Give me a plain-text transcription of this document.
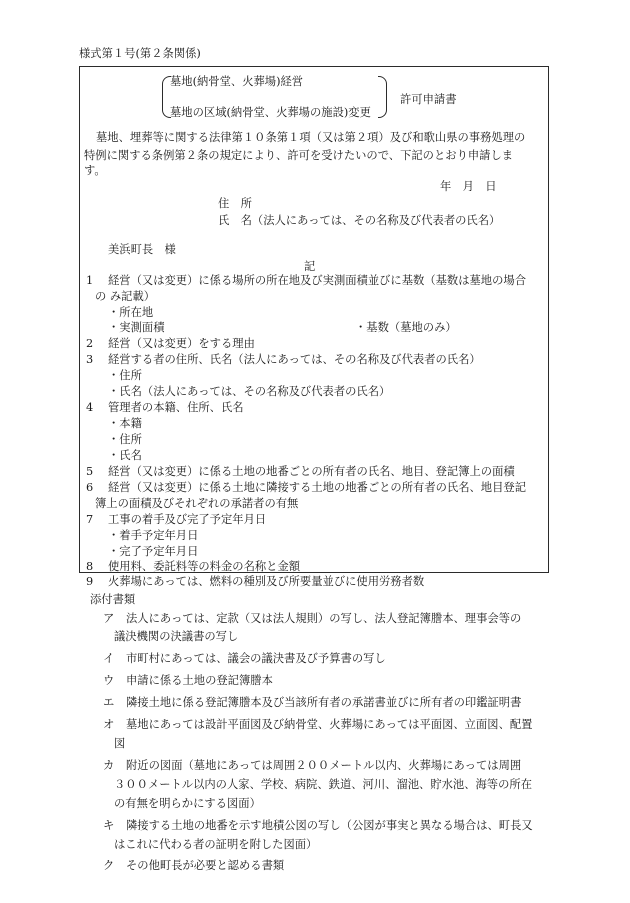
様式第１号(第２条関係)
墓地(納骨堂、火葬場)経営
墓地の区域(納骨堂、火葬場の施設)変更
許可申請書
墓地、埋葬等に関する法律第１０条第１項（又は第２項）及び和歌山県の事務処理の
特例に関する条例第２条の規定により、許可を受けたいので、下記のとおり申請しま
す。
年　月　日
住　所
氏　名（法人にあっては、その名称及び代表者の氏名）
美浜町長　様
記
1 経営（又は変更）に係る場所の所在地及び実測面積並びに基数（基数は墓地の場合
の み記載）
・所在地
・実測面積	・基数（墓地のみ）
2 経営（又は変更）をする理由
3 経営する者の住所、氏名（法人にあっては、その名称及び代表者の氏名）
・住所
・氏名（法人にあっては、その名称及び代表者の氏名）
4 管理者の本籍、住所、氏名
・本籍
・住所
・氏名
5 経営（又は変更）に係る土地の地番ごとの所有者の氏名、地目、登記簿上の面積
6 経営（又は変更）に係る土地に隣接する土地の地番ごとの所有者の氏名、地目登記
簿上の面積及びそれぞれの承諾者の有無
7 工事の着手及び完了予定年月日
・着手予定年月日
・完了予定年月日
8 使用料、委託料等の料金の名称と金額
9 火葬場にあっては、燃料の種別及び所要量並びに使用労務者数
添付書類
ア 法人にあっては、定款（又は法人規則）の写し、法人登記簿謄本、理事会等の
議決機関の決議書の写し
イ 市町村にあっては、議会の議決書及び予算書の写し
ウ 申請に係る土地の登記簿謄本
エ 隣接土地に係る登記簿謄本及び当該所有者の承諾書並びに所有者の印鑑証明書
オ 墓地にあっては設計平面図及び納骨堂、火葬場にあっては平面図、立面図、配置
図
カ 附近の図面（墓地にあっては周囲２００メートル以内、火葬場にあっては周囲
３００メートル以内の人家、学校、病院、鉄道、河川、溜池、貯水池、海等の所在
の有無を明らかにする図面）
キ 隣接する土地の地番を示す地積公図の写し（公図が事実と異なる場合は、町長又
はこれに代わる者の証明を附した図面）
ク その他町長が必要と認める書類
